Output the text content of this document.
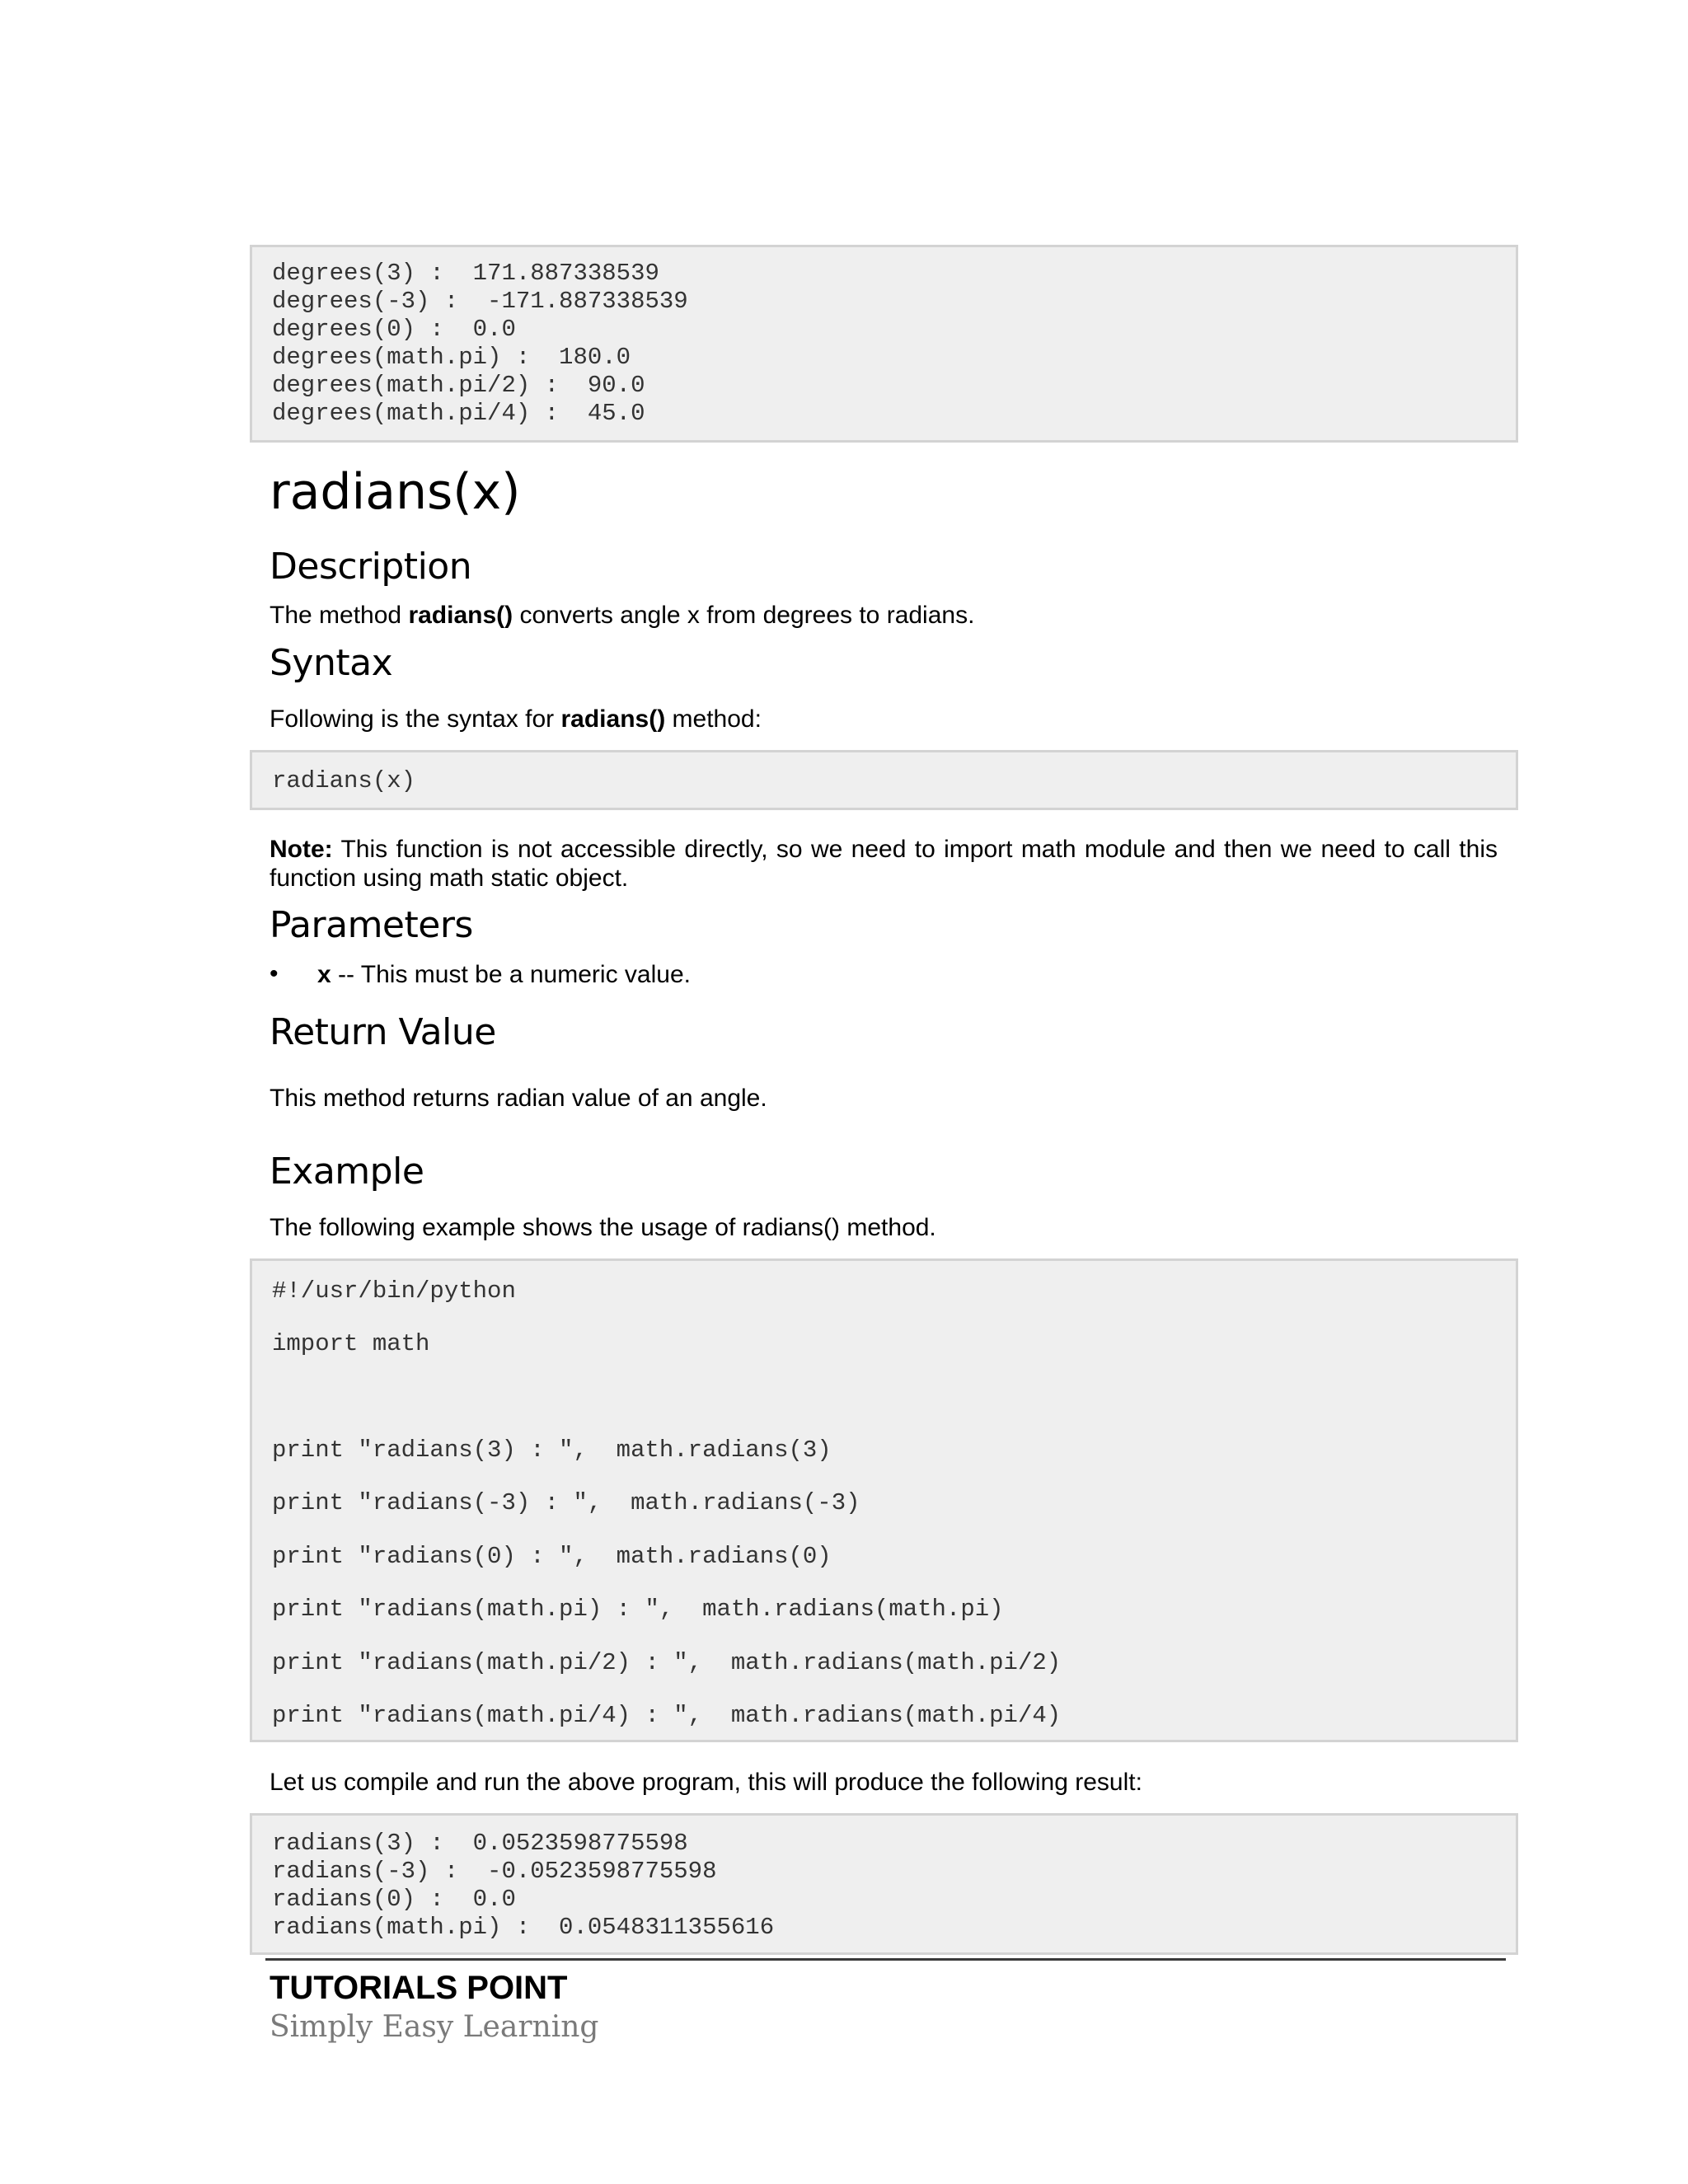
degrees(3) :  171.887338539
degrees(-3) :  -171.887338539
degrees(0) :  0.0
degrees(math.pi) :  180.0
degrees(math.pi/2) :  90.0
degrees(math.pi/4) :  45.0
radians(x)
Description
The method radians() converts angle x from degrees to radians.
Syntax
Following is the syntax for radians() method:
radians(x)
Note: This function is not accessible directly, so we need to import math module and then we need to call this function using math static object.
Parameters
• x -- This must be a numeric value.
Return Value
This method returns radian value of an angle.
Example
The following example shows the usage of radians() method.
#!/usr/bin/python
import math
print "radians(3) : ",  math.radians(3)
print "radians(-3) : ",  math.radians(-3)
print "radians(0) : ",  math.radians(0)
print "radians(math.pi) : ",  math.radians(math.pi)
print "radians(math.pi/2) : ",  math.radians(math.pi/2)
print "radians(math.pi/4) : ",  math.radians(math.pi/4)
Let us compile and run the above program, this will produce the following result:
radians(3) :  0.0523598775598
radians(-3) :  -0.0523598775598
radians(0) :  0.0
radians(math.pi) :  0.0548311355616
TUTORIALS POINT
Simply Easy Learning
